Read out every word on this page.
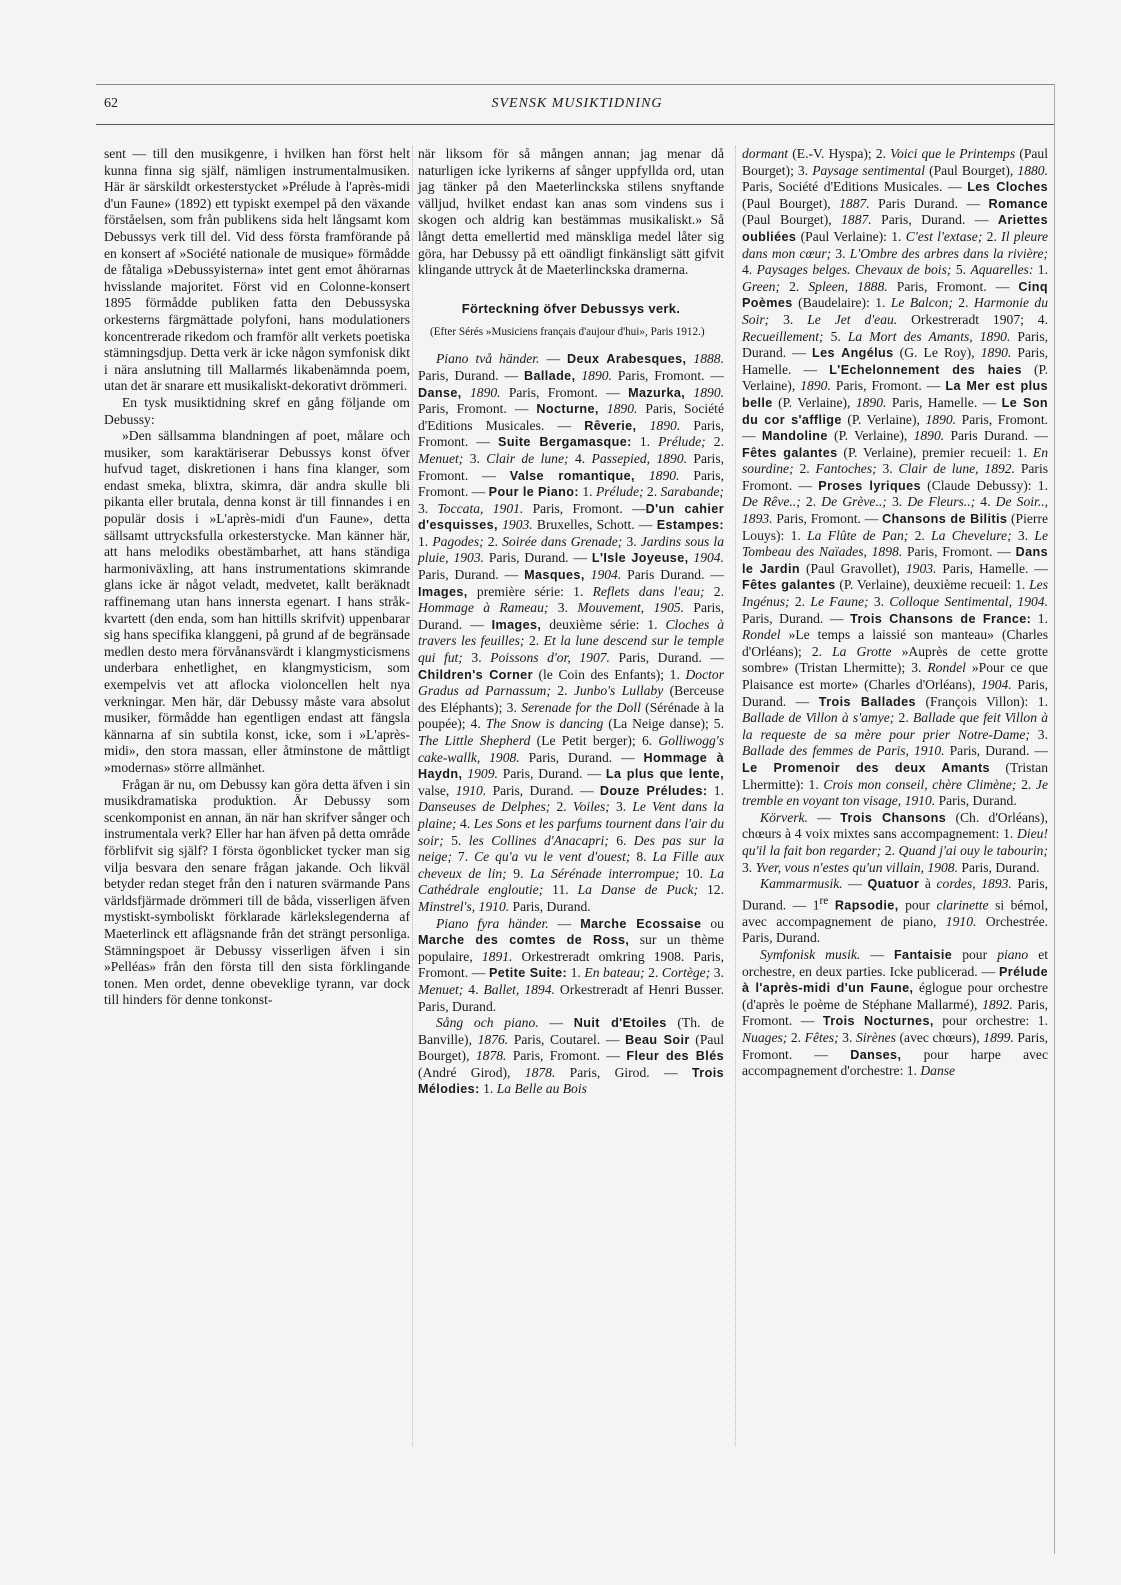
62	SVENSK MUSIKTIDNING

sent — till den musikgenre, i hvilken han först helt kunna finna sig själf, nämligen instrumentalmusiken. Här är särskildt orkesterstycket »Prélude à l'après-midi d'un Faune» (1892) ett typiskt exempel på den växande förståelsen, som från publikens sida helt långsamt kom Debussys verk till del. Vid dess första framförande på en konsert af »Société nationale de musique» förmådde de fåtaliga »Debussyisterna» intet gent emot åhörarnas hvisslande majoritet. Först vid en Colonne-konsert 1895 förmådde publiken fatta den Debussyska orkesterns färgmättade polyfoni, hans modulationers koncentrerade rikedom och framför allt verkets poetiska stämningsdjup. Detta verk är icke någon symfonisk dikt i nära anslutning till Mallarmés likabenämnda poem, utan det är snarare ett musikaliskt-dekorativt drömmeri.

En tysk musiktidning skref en gång följande om Debussy:

»Den sällsamma blandningen af poet, målare och musiker, som karaktäriserar Debussys konst öfver hufvud taget, diskretionen i hans fina klanger, som endast smeka, blixtra, skimra, där andra skulle bli pikanta eller brutala, denna konst är till finnandes i en populär dosis i »L'après-midi d'un Faune», detta sällsamt uttrycksfulla orkesterstycke. Man känner här, att hans melodiks obestämbarhet, att hans ständiga harmoniväxling, att hans instrumentations skimrande glans icke är något veladt, medvetet, kallt beräknadt raffinemang utan hans innersta egenart. I hans stråk-kvartett (den enda, som han hittills skrifvit) uppenbarar sig hans specifika klanggeni, på grund af de begränsade medlen desto mera förvånansvärdt i klangmysticismens underbara enhetlighet, en klangmysticism, som exempelvis vet att aflocka violoncellen helt nya verkningar. Men här, där Debussy måste vara absolut musiker, förmådde han egentligen endast att fängsla kännarna af sin subtila konst, icke, som i »L'après-midi», den stora massan, eller åtminstone de måttligt »modernas» större allmänhet.

Frågan är nu, om Debussy kan göra detta äfven i sin musikdramatiska produktion. Är Debussy som scenkomponist en annan, än när han skrifver sånger och instrumentala verk? Eller har han äfven på detta område förblifvit sig själf? I första ögonblicket tycker man sig vilja besvara den senare frågan jakande. Och likväl betyder redan steget från den i naturen svärmande Pans världsfjärmade drömmeri till de båda, visserligen äfven mystiskt-symboliskt förklarade kärlekslegenderna af Maeterlinck ett aflägsnande från det strängt personliga. Stämningspoet är Debussy visserligen äfven i sin »Pelléas» från den första till den sista förklingande tonen. Men ordet, denne obeveklige tyrann, var dock till hinders för denne tonkonst-

när liksom för så mången annan; jag menar då naturligen icke lyrikerns af sånger uppfyllda ord, utan jag tänker på den Maeterlinckska stilens snyftande välljud, hvilket endast kan anas som vindens sus i skogen och aldrig kan bestämmas musikaliskt.» Så långt detta emellertid med mänskliga medel låter sig göra, har Debussy på ett oändligt finkänsligt sätt gifvit klingande uttryck åt de Maeterlinckska dramerna.

Förteckning öfver Debussys verk.
(Efter Sérés »Musiciens français d'aujour d'hui», Paris 1912.)

Piano två händer. — Deux Arabesques, 1888. Paris, Durand. — Ballade, 1890. Paris, Fromont. — Danse, 1890. Paris, Fromont. — Mazurka, 1890. Paris, Fromont. — Nocturne, 1890. Paris, Société d'Editions Musicales. — Rêverie, 1890. Paris, Fromont. — Suite Bergamasque: 1. Prélude; 2. Menuet; 3. Clair de lune; 4. Passepied, 1890. Paris, Fromont. — Valse romantique, 1890. Paris, Fromont. — Pour le Piano: 1. Prélude; 2. Sarabande; 3. Toccata, 1901. Paris, Fromont. —D'un cahier d'esquisses, 1903. Bruxelles, Schott. — Estampes: 1. Pagodes; 2. Soirée dans Grenade; 3. Jardins sous la pluie, 1903. Paris, Durand. — L'Isle Joyeuse, 1904. Paris, Durand. — Masques, 1904. Paris Durand. — Images, première série: 1. Reflets dans l'eau; 2. Hommage à Rameau; 3. Mouvement, 1905. Paris, Durand. — Images, deuxième série: 1. Cloches à travers les feuilles; 2. Et la lune descend sur le temple qui fut; 3. Poissons d'or, 1907. Paris, Durand. — Children's Corner (le Coin des Enfants); 1. Doctor Gradus ad Parnassum; 2. Junbo's Lullaby (Berceuse des Eléphants); 3. Serenade for the Doll (Sérénade à la poupée); 4. The Snow is dancing (La Neige danse); 5. The Little Shepherd (Le Petit berger); 6. Golliwogg's cake-wallk, 1908. Paris, Durand. — Hommage à Haydn, 1909. Paris, Durand. — La plus que lente, valse, 1910. Paris, Durand. — Douze Préludes: 1. Danseuses de Delphes; 2. Voiles; 3. Le Vent dans la plaine; 4. Les Sons et les parfums tournent dans l'air du soir; 5. les Collines d'Anacapri; 6. Des pas sur la neige; 7. Ce qu'a vu le vent d'ouest; 8. La Fille aux cheveux de lin; 9. La Sérénade interrompue; 10. La Cathédrale engloutie; 11. La Danse de Puck; 12. Minstrel's, 1910. Paris, Durand.

Piano fyra händer. — Marche Ecossaise ou Marche des comtes de Ross, sur un thème populaire, 1891. Orkestreradt omkring 1908. Paris, Fromont. — Petite Suite: 1. En bateau; 2. Cortège; 3. Menuet; 4. Ballet, 1894. Orkestreradt af Henri Busser. Paris, Durand.

Sång och piano. — Nuit d'Etoiles (Th. de Banville), 1876. Paris, Coutarel. — Beau Soir (Paul Bourget), 1878. Paris, Fromont. — Fleur des Blés (André Girod), 1878. Paris, Girod. — Trois Mélodies: 1. La Belle au Bois

dormant (E.-V. Hyspa); 2. Voici que le Printemps (Paul Bourget); 3. Paysage sentimental (Paul Bourget), 1880. Paris, Société d'Editions Musicales. — Les Cloches (Paul Bourget), 1887. Paris Durand. — Romance (Paul Bourget), 1887. Paris, Durand. — Ariettes oubliées (Paul Verlaine): 1. C'est l'extase; 2. Il pleure dans mon cœur; 3. L'Ombre des arbres dans la rivière; 4. Paysages belges. Chevaux de bois; 5. Aquarelles: 1. Green; 2. Spleen, 1888. Paris, Fromont. — Cinq Poèmes (Baudelaire): 1. Le Balcon; 2. Harmonie du Soir; 3. Le Jet d'eau. Orkestreradt 1907; 4. Recueillement; 5. La Mort des Amants, 1890. Paris, Durand. — Les Angélus (G. Le Roy), 1890. Paris, Hamelle. — L'Echelonnement des haies (P. Verlaine), 1890. Paris, Fromont. — La Mer est plus belle (P. Verlaine), 1890. Paris, Hamelle. — Le Son du cor s'afflige (P. Verlaine), 1890. Paris, Fromont. — Mandoline (P. Verlaine), 1890. Paris Durand. — Fêtes galantes (P. Verlaine), premier recueil: 1. En sourdine; 2. Fantoches; 3. Clair de lune, 1892. Paris Fromont. — Proses lyriques (Claude Debussy): 1. De Rêve..; 2. De Grève..; 3. De Fleurs..; 4. De Soir.., 1893. Paris, Fromont. — Chansons de Bilitis (Pierre Louys): 1. La Flûte de Pan; 2. La Chevelure; 3. Le Tombeau des Naïades, 1898. Paris, Fromont. — Dans le Jardin (Paul Gravollet), 1903. Paris, Hamelle. — Fêtes galantes (P. Verlaine), deuxième recueil: 1. Les Ingénus; 2. Le Faune; 3. Colloque Sentimental, 1904. Paris, Durand. — Trois Chansons de France: 1. Rondel »Le temps a laissié son manteau» (Charles d'Orléans); 2. La Grotte »Auprès de cette grotte sombre» (Tristan Lhermitte); 3. Rondel »Pour ce que Plaisance est morte» (Charles d'Orléans), 1904. Paris, Durand. — Trois Ballades (François Villon): 1. Ballade de Villon à s'amye; 2. Ballade que feit Villon à la requeste de sa mère pour prier Notre-Dame; 3. Ballade des femmes de Paris, 1910. Paris, Durand. — Le Promenoir des deux Amants (Tristan Lhermitte): 1. Crois mon conseil, chère Climène; 2. Je tremble en voyant ton visage, 1910. Paris, Durand.

Körverk. — Trois Chansons (Ch. d'Orléans), chœurs à 4 voix mixtes sans accompagnement: 1. Dieu! qu'il la fait bon regarder; 2. Quand j'ai ouy le tabourin; 3. Yver, vous n'estes qu'un villain, 1908. Paris, Durand.

Kammarmusik. — Quatuor à cordes, 1893. Paris, Durand. — 1re Rapsodie, pour clarinette si bémol, avec accompagnement de piano, 1910. Orchestrée. Paris, Durand.

Symfonisk musik. — Fantaisie pour piano et orchestre, en deux parties. Icke publicerad. — Prélude à l'après-midi d'un Faune, églogue pour orchestre (d'après le poème de Stéphane Mallarmé), 1892. Paris, Fromont. — Trois Nocturnes, pour orchestre: 1. Nuages; 2. Fêtes; 3. Sirènes (avec chœurs), 1899. Paris, Fromont. — Danses, pour harpe avec accompagnement d'orchestre: 1. Danse
